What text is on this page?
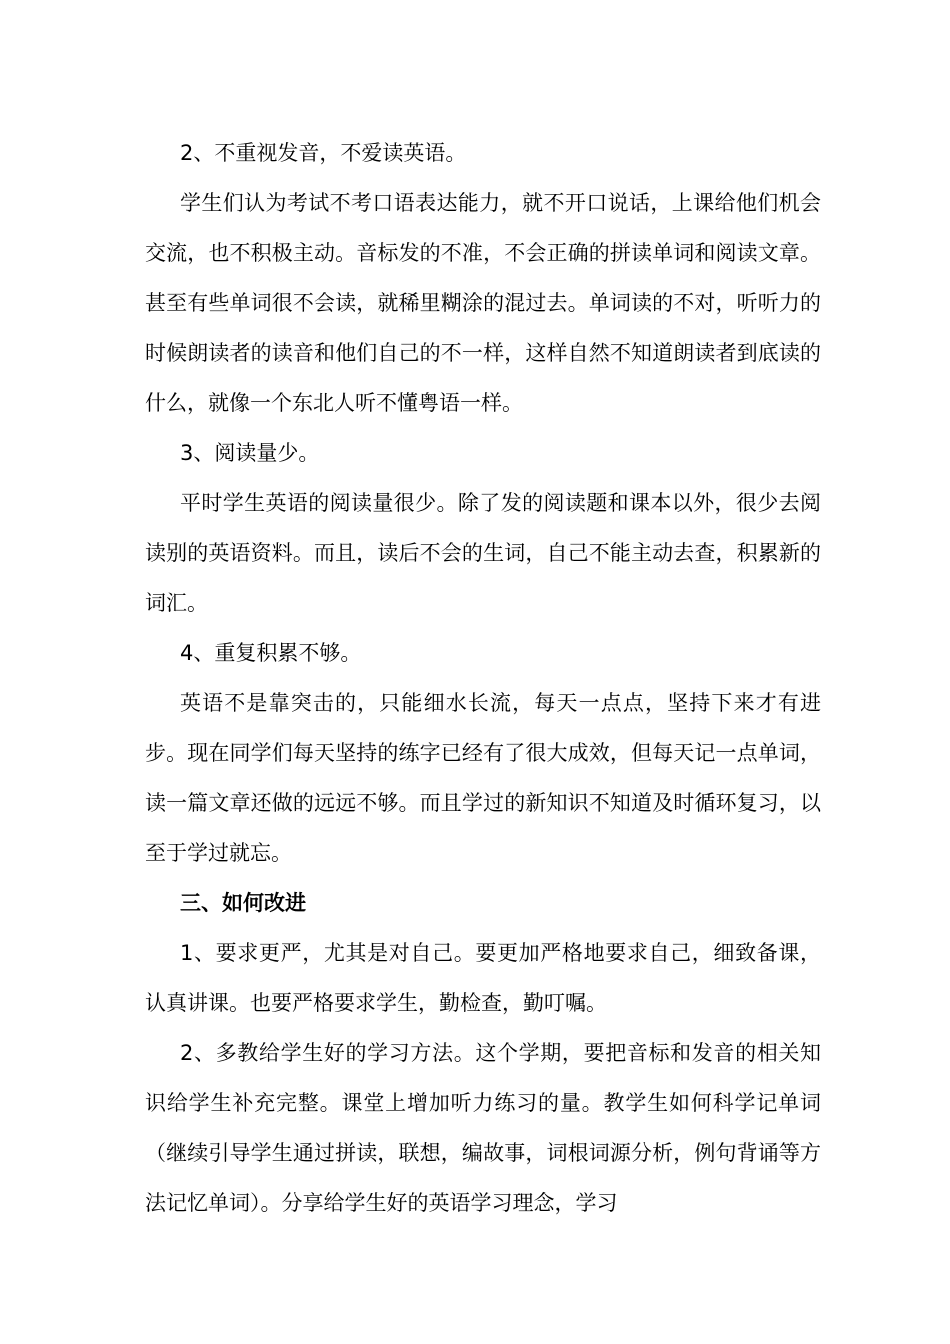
2、不重视发音，不爱读英语。

学生们认为考试不考口语表达能力，就不开口说话，上课给他们机会交流，也不积极主动。音标发的不准，不会正确的拼读单词和阅读文章。甚至有些单词很不会读，就稀里糊涂的混过去。单词读的不对，听听力的时候朗读者的读音和他们自己的不一样，这样自然不知道朗读者到底读的什么，就像一个东北人听不懂粤语一样。

3、阅读量少。

平时学生英语的阅读量很少。除了发的阅读题和课本以外，很少去阅读别的英语资料。而且，读后不会的生词，自己不能主动去查，积累新的词汇。

4、重复积累不够。

英语不是靠突击的，只能细水长流，每天一点点，坚持下来才有进步。现在同学们每天坚持的练字已经有了很大成效，但每天记一点单词，读一篇文章还做的远远不够。而且学过的新知识不知道及时循环复习，以至于学过就忘。

三、如何改进

1、要求更严，尤其是对自己。要更加严格地要求自己，细致备课，认真讲课。也要严格要求学生，勤检查，勤叮嘱。

2、多教给学生好的学习方法。这个学期，要把音标和发音的相关知识给学生补充完整。课堂上增加听力练习的量。教学生如何科学记单词（继续引导学生通过拼读，联想，编故事，词根词源分析，例句背诵等方法记忆单词）。分享给学生好的英语学习理念，学习
